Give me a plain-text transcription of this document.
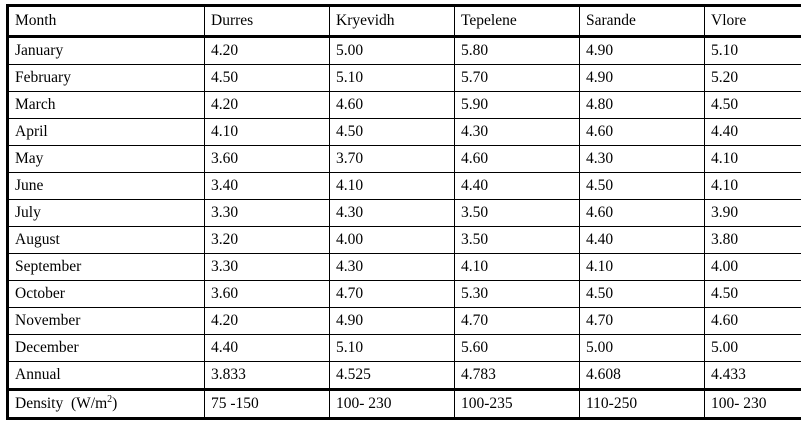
Month	Durres	Kryevidh	Tepelene	Sarande	Vlore
January	4.20	5.00	5.80	4.90	5.10
February	4.50	5.10	5.70	4.90	5.20
March	4.20	4.60	5.90	4.80	4.50
April	4.10	4.50	4.30	4.60	4.40
May	3.60	3.70	4.60	4.30	4.10
June	3.40	4.10	4.40	4.50	4.10
July	3.30	4.30	3.50	4.60	3.90
August	3.20	4.00	3.50	4.40	3.80
September	3.30	4.30	4.10	4.10	4.00
October	3.60	4.70	5.30	4.50	4.50
November	4.20	4.90	4.70	4.70	4.60
December	4.40	5.10	5.60	5.00	5.00
Annual	3.833	4.525	4.783	4.608	4.433
Density $(W/m^2)$	75 -150	100- 230	100-235	110-250	100- 230
